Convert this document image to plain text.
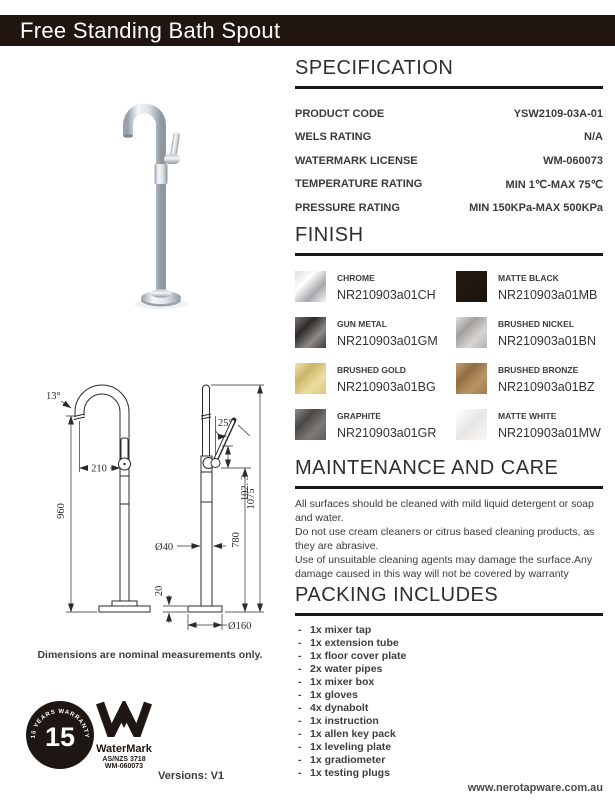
Free Standing Bath Spout
13°
960
210
25°
102. 3
780
1075
Ø40
20
Ø160
Dimensions are nominal measurements only.
15 YEARS WARRANTY
15	WaterMark
AS/NZS 3718
WM-060073
Versions: V1
SPECIFICATION
PRODUCT CODE	YSW2109-03A-01
WELS RATING	N/A
WATERMARK LICENSE	WM-060073
TEMPERATURE RATING	MIN 1℃-MAX 75℃
PRESSURE RATING	MIN 150KPa-MAX 500KPa
FINISH
CHROME
NR210903a01CH
MATTE BLACK
NR210903a01MB
GUN METAL
NR210903a01GM
BRUSHED NICKEL
NR210903a01BN
BRUSHED GOLD
NR210903a01BG
BRUSHED BRONZE
NR210903a01BZ
GRAPHITE
NR210903a01GR
MATTE WHITE
NR210903a01MW
MAINTENANCE AND CARE

All surfaces should be cleaned with mild liquid detergent or soap and water.

Do not use cream cleaners or citrus based cleaning products, as they are abrasive.

Use of unsuitable cleaning agents may damage the surface.Any damage caused in this way will not be covered by warranty

PACKING INCLUDES
- 1x mixer tap
- 1x extension tube
- 1x floor cover plate
- 2x water pipes
- 1x mixer box
- 1x gloves
- 4x dynabolt
- 1x instruction
- 1x allen key pack
- 1x leveling plate
- 1x gradiometer
- 1x testing plugs
www.nerotapware.com.au
